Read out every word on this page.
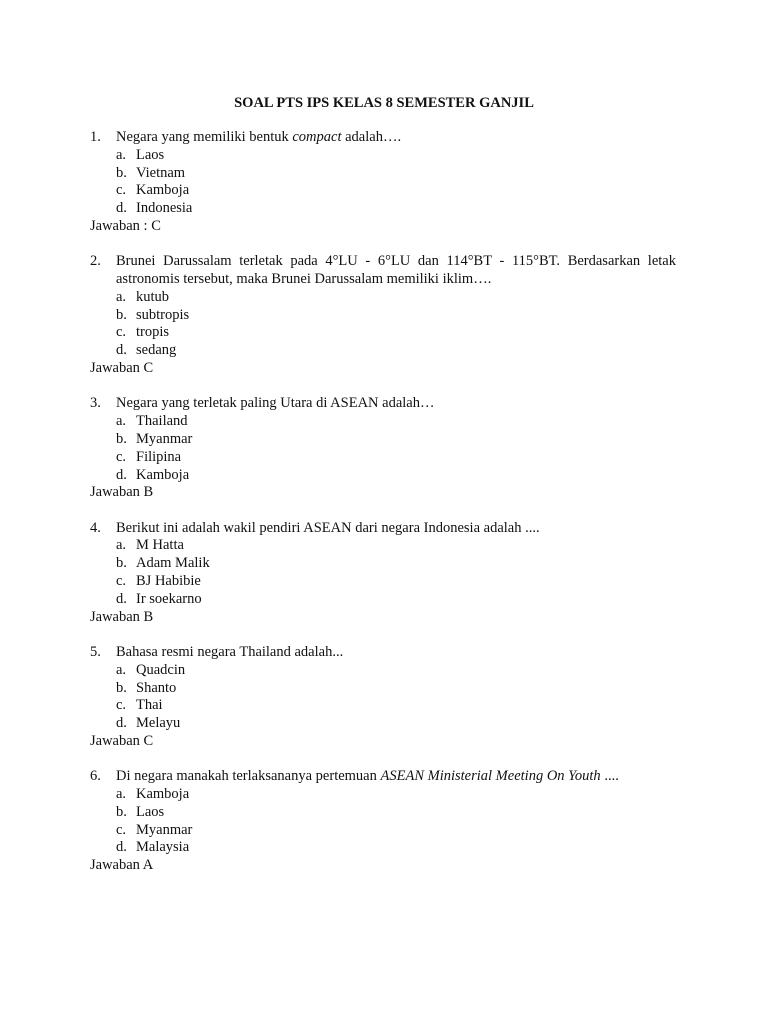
SOAL PTS IPS KELAS 8 SEMESTER GANJIL
1.	Negara yang memiliki bentuk compact adalah….
a. Laos
b. Vietnam
c. Kamboja
d. Indonesia
Jawaban : C
2.	Brunei Darussalam terletak pada 4°LU - 6°LU dan 114°BT - 115°BT. Berdasarkan letak astronomis tersebut, maka Brunei Darussalam memiliki iklim….
a. kutub
b. subtropis
c. tropis
d. sedang
Jawaban C
3.	Negara yang terletak paling Utara di ASEAN adalah…
a. Thailand
b. Myanmar
c. Filipina
d. Kamboja
Jawaban B
4.	Berikut ini adalah wakil pendiri ASEAN dari negara Indonesia adalah ....
a. M Hatta
b. Adam Malik
c. BJ Habibie
d. Ir soekarno
Jawaban B
5.	Bahasa resmi negara Thailand adalah...
a. Quadcin
b. Shanto
c. Thai
d. Melayu
Jawaban C
6.	Di negara manakah terlaksananya pertemuan ASEAN Ministerial Meeting On Youth ....
a. Kamboja
b. Laos
c. Myanmar
d. Malaysia
Jawaban A
